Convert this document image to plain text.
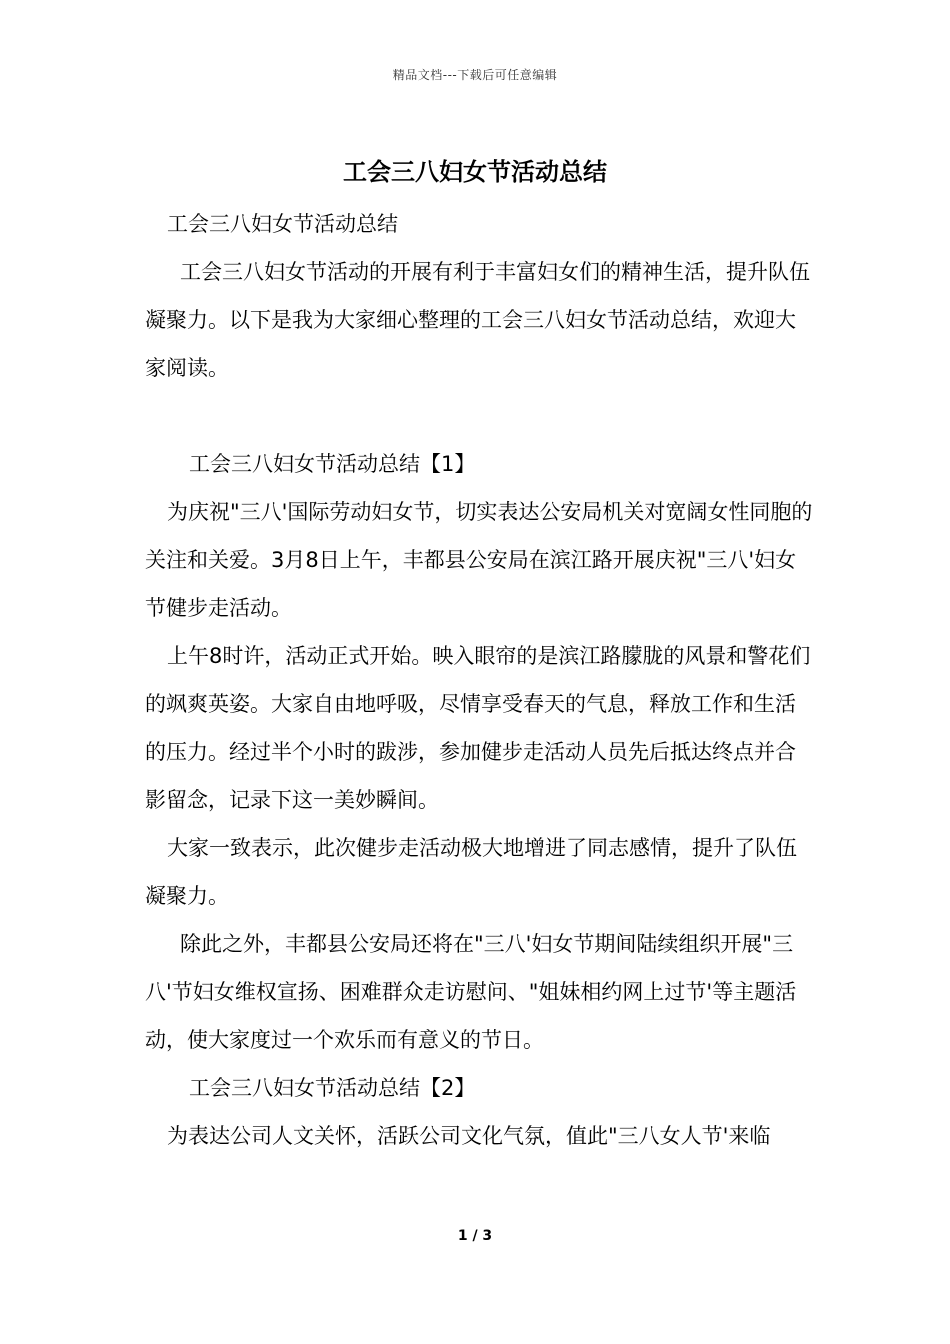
精品文档---下载后可任意编辑
工会三八妇女节活动总结

工会三八妇女节活动总结

工会三八妇女节活动的开展有利于丰富妇女们的精神生活，提升队伍凝聚力。以下是我为大家细心整理的工会三八妇女节活动总结，欢迎大家阅读。

工会三八妇女节活动总结【1】

为庆祝"三八'国际劳动妇女节，切实表达公安局机关对宽阔女性同胞的关注和关爱。3月8日上午，丰都县公安局在滨江路开展庆祝"三八'妇女节健步走活动。

上午8时许，活动正式开始。映入眼帘的是滨江路朦胧的风景和警花们的飒爽英姿。大家自由地呼吸，尽情享受春天的气息，释放工作和生活的压力。经过半个小时的跋涉，参加健步走活动人员先后抵达终点并合影留念，记录下这一美妙瞬间。

大家一致表示，此次健步走活动极大地增进了同志感情，提升了队伍凝聚力。

除此之外，丰都县公安局还将在"三八'妇女节期间陆续组织开展"三八'节妇女维权宣扬、困难群众走访慰问、"姐妹相约网上过节'等主题活动，使大家度过一个欢乐而有意义的节日。

工会三八妇女节活动总结【2】

为表达公司人文关怀，活跃公司文化气氛，值此"三八女人节'来临

1 / 3
